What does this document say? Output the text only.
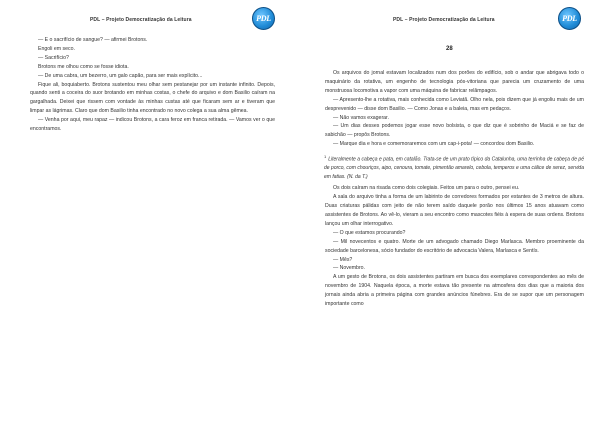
PDL – Projeto Democratização da Leitura	PDL

— E o sacrifício de sangue? — afirmei Brotons.

Engoli em seco.

— Sacrifício?

Brotons me olhou como se fosse idiota.

— De uma cabra, um bezerro, um galo capão, para ser mais explícito...

Fique ali, boquiaberto. Brotons sustentou meu olhar sem pestanejar por um instante infinito. Depois, quando senti a coceira do suor brotando em minhas costas, o chefe do arquivo e dom Basilio caíram na gargalhada. Deixei que rissem com vontade às minhas custas até que ficaram sem ar e tiveram que limpar as lágrimas. Claro que dom Basilio tinha encontrado no novo colega a sua alma gêmea.

— Venha por aqui, meu rapaz — indicou Brotons, a cara feroz em franca retirada. — Vamos ver o que encontramos.

PDL – Projeto Democratização da Leitura	PDL
28

Os arquivos do jornal estavam localizados num dos porões do edifício, sob o andar que abrigava todo o maquinário da rotativa, um engenho de tecnologia pós-vitoriana que parecia um cruzamento de uma monstruosa locomotiva a vapor com uma máquina de fabricar relâmpagos.

— Apresento-lhe a rotativa, mais conhecida como Leviatã. Olho nela, pois dizem que já engoliu mais de um desprevenido — disse dom Basilio. — Como Jonas e a baleia, mas em pedaços.

— Não vamos exagerar.

— Um dias desses podemos jogar esse novo bolsista, o que diz que é sobrinho de Maciá e se faz de sabichão — propôs Brotons.

— Marque dia e hora e comemoraremos com um cap-i-pota! — concordou dom Basilio.

$^1$Literalmente a cabeça e pata, em catalão. Trata-se de um prato típico da Catalunha, uma terrinha de cabeça de pé de porco, com chouriços, aipo, cenoura, tomate, pimentão amarelo, cebola, temperos e uma cálice de xerez, servida em fatias. (N. da T.)

Os dois caíram na risada como dois colegiais. Feitos um para o outro, pensei eu.

A sala do arquivo tinha a forma de um labirinto de corredores formados por estantes de 3 metros de altura. Duas criaturas pálidas com jeito de não terem saído daquele porão nos últimos 15 anos atuavam como assistentes de Brotons. Ao vê-lo, vieram a seu encontro como mascotes fiéis à espera de suas ordens. Brotons lançou um olhar interrogativo.

— O que estamos procurando?

— Mil novecentos e quatro. Morte de um advogado chamado Diego Marlasca. Membro proeminente da sociedade barcelonesa, sócio fundador do escritório de advocacia Valera, Marlasca e Sentís.

— Mês?

— Novembro.

A um gesto de Brotons, os dois assistentes partiram em busca dos exemplares correspondentes ao mês de novembro de 1904. Naquela época, a morte estava tão presente na atmosfera dos dias que a maioria dos jornais ainda abria a primeira página com grandes anúncios fúnebres. Era de se supor que um personagem importante como
